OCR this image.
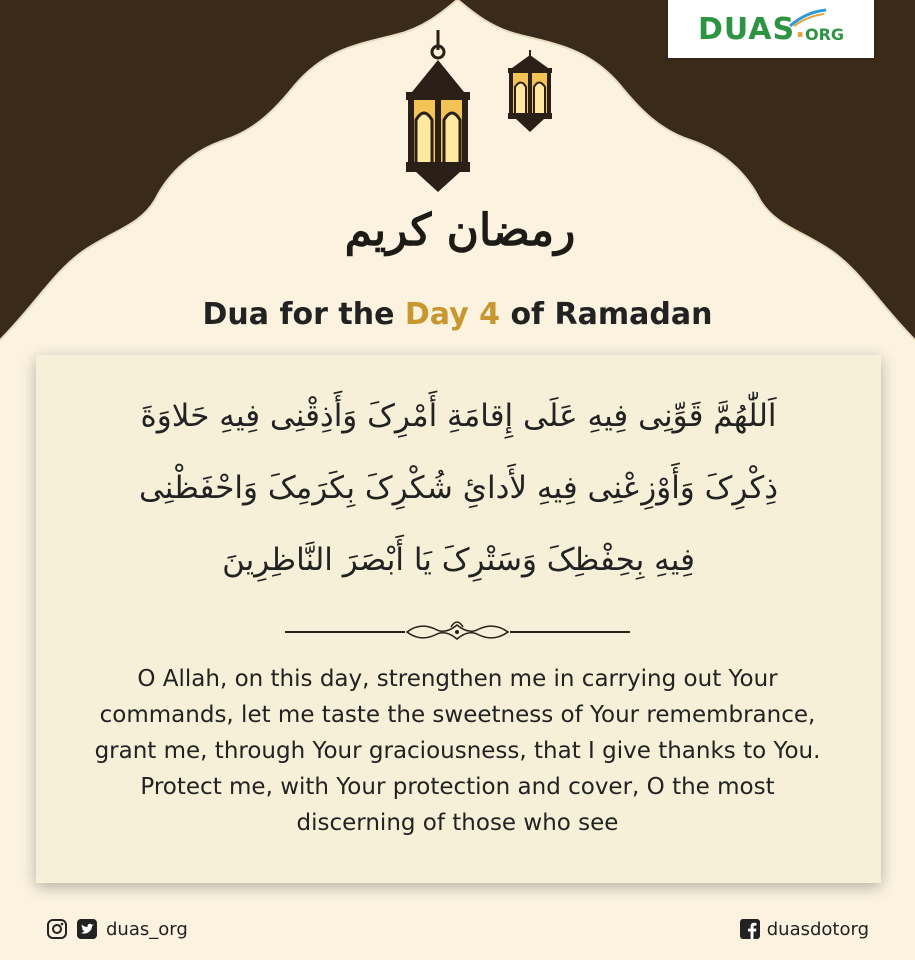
DUAS . ORG
رمضان كريم
Dua for the Day 4 of Ramadan
اَللّٰهُمَّ قَوِّنِی فِیهِ عَلَی إِقامَةِ أَمْرِکَ وَأَذِقْنِی فِیهِ حَلاوَةَ
ذِکْرِکَ وَأَوْزِعْنِی فِیهِ لأَدائِ شُکْرِکَ بِکَرَمِکَ وَاحْفَظْنِی
فِیهِ بِحِفْظِکَ وَسَتْرِکَ یَا أَبْصَرَ النَّاظِرِینَ
O Allah, on this day, strengthen me in carrying out Your
commands, let me taste the sweetness of Your remembrance,
grant me, through Your graciousness, that I give thanks to You.
Protect me, with Your protection and cover, O the most
discerning of those who see
duas_org	duasdotorg
